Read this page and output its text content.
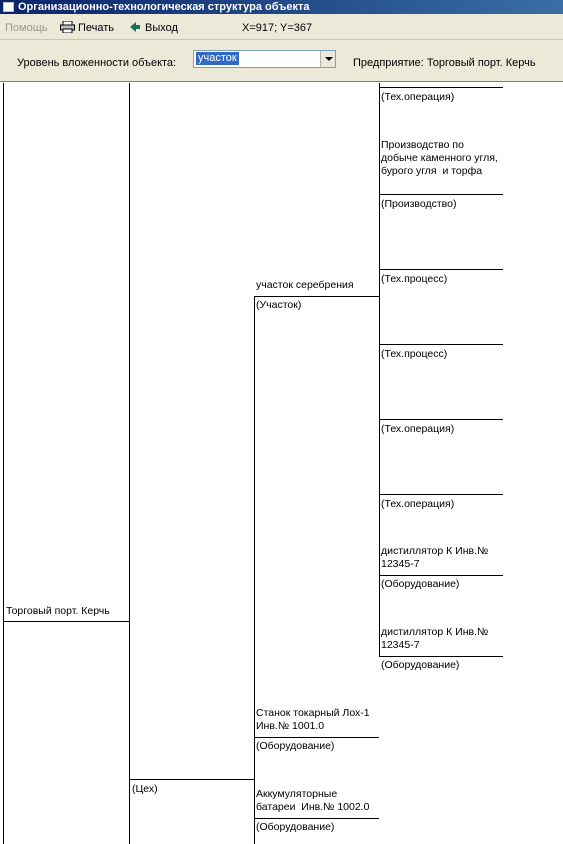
Организационно-технологическая структура объекта
Помощь	Печать	Выход	X=917; Y=367
Уровень вложенности объекта: участок	Предприятие: Торговый порт. Керчь
Торговый порт. Керчь
(Цех)
участок серебрения
(Участок)
Станок токарный Лох-1 Инв.№ 1001.0
(Оборудование)
Аккумуляторные батареи  Инв.№ 1002.0
(Оборудование)
(Тех.операция)
Производство по добыче каменного угля, бурого угля  и торфа
(Производство)
(Тех.процесс)
(Тех.процесс)
(Тех.операция)
(Тех.операция)
дистиллятор К Инв.№ 12345-7
(Оборудование)
дистиллятор К Инв.№ 12345-7
(Оборудование)
